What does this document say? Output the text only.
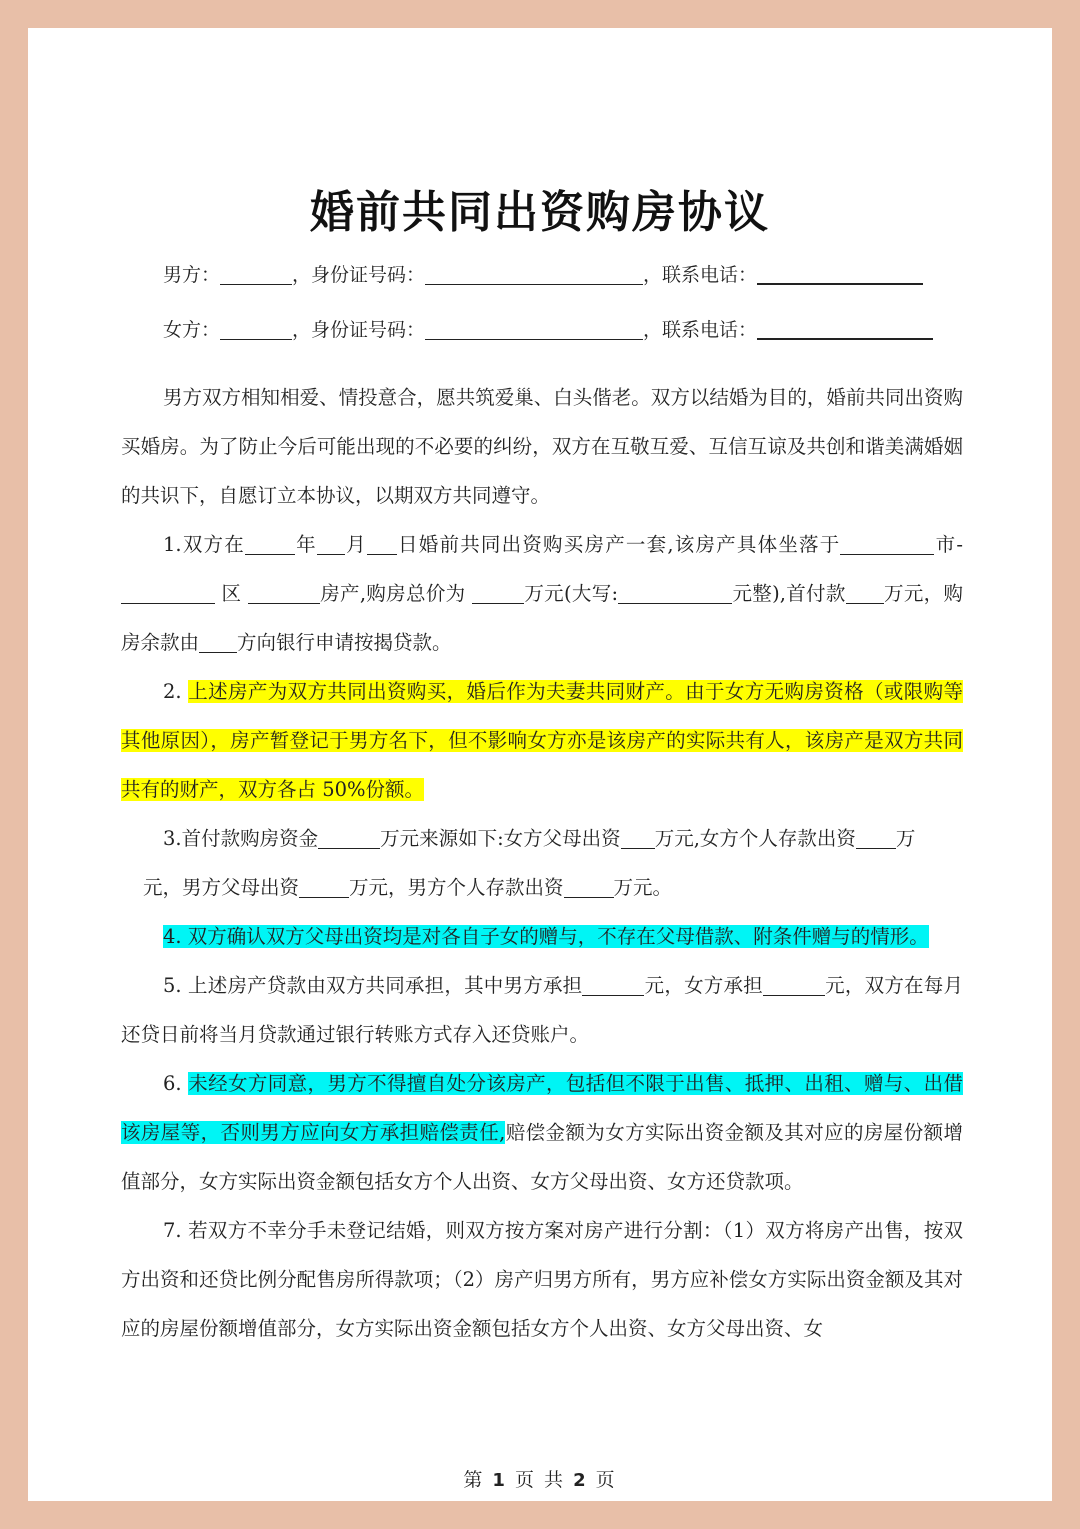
婚前共同出资购房协议
男方：	，身份证号码：	，联系电话：
女方：	，身份证号码：	，联系电话：

男方双方相知相爱、情投意合，愿共筑爱巢、白头偕老。双方以结婚为目的，婚前共同出资购买婚房。为了防止今后可能出现的不必要的纠纷，双方在互敬互爱、互信互谅及共创和谐美满婚姻的共识下，自愿订立本协议，以期双方共同遵守。

1.双方在	年 月 日婚前共同出资购买房产一套,该房产具体坐落于	市- 区	房产,购房总价为	万元(大写:	元整),首付款 万元，购房余款由 方向银行申请按揭贷款。

2. 上述房产为双方共同出资购买，婚后作为夫妻共同财产。由于女方无购房资格（或限购等其他原因），房产暂登记于男方名下，但不影响女方亦是该房产的实际共有人，该房产是双方共同共有的财产，双方各占 50%份额。

3.首付款购房资金	万元来源如下:女方父母出资 万元,女方个人存款出资 万
元，男方父母出资	万元，男方个人存款出资	万元。

4. 双方确认双方父母出资均是对各自子女的赠与，不存在父母借款、附条件赠与的情形。

5. 上述房产贷款由双方共同承担，其中男方承担	元，女方承担	元，双方在每月还贷日前将当月贷款通过银行转账方式存入还贷账户。

6. 未经女方同意，男方不得擅自处分该房产，包括但不限于出售、抵押、出租、赠与、出借该房屋等，否则男方应向女方承担赔偿责任,赔偿金额为女方实际出资金额及其对应的房屋份额增值部分，女方实际出资金额包括女方个人出资、女方父母出资、女方还贷款项。

7. 若双方不幸分手未登记结婚，则双方按方案对房产进行分割：（1）双方将房产出售，按双方出资和还贷比例分配售房所得款项；（2）房产归男方所有，男方应补偿女方实际出资金额及其对应的房屋份额增值部分，女方实际出资金额包括女方个人出资、女方父母出资、女

第 1 页 共 2 页
